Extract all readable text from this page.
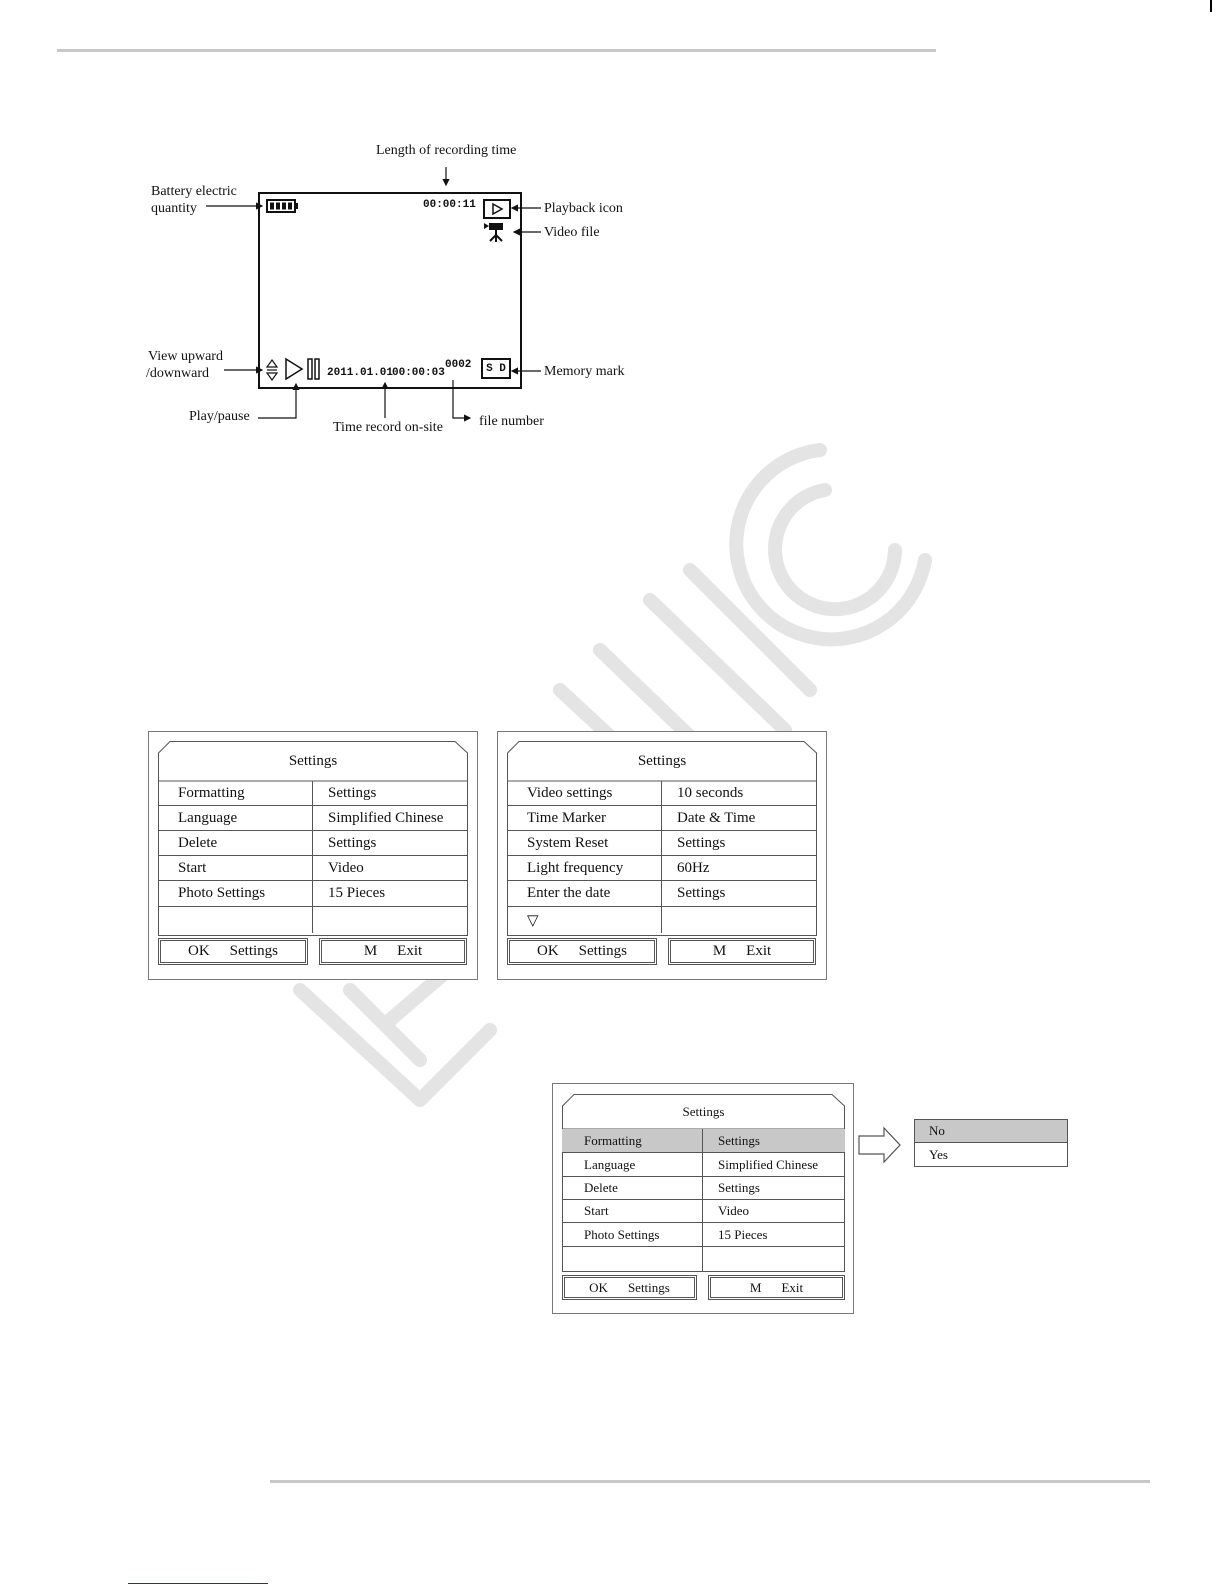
Length of recording time
Battery electric
quantity	Playback icon
Video file
View upward
/downward	Memory mark
Play/pause
Time record on-site	file number
00:00:11
2011.01.01
00:00:03
0002 S D
Settings
Formatting	Settings
Language	Simplified Chinese
Delete	Settings
Start	Video
Photo Settings	15 Pieces
OK Settings	M Exit
Settings
Video settings	10 seconds
Time Marker	Date & Time
System Reset	Settings
Light frequency	60Hz
Enter the date	Settings
▽
OK Settings	M Exit
Settings
Formatting	Settings
Language	Simplified Chinese
Delete	Settings
Start	Video
Photo Settings	15 Pieces
OK Settings	M Exit
No
Yes
